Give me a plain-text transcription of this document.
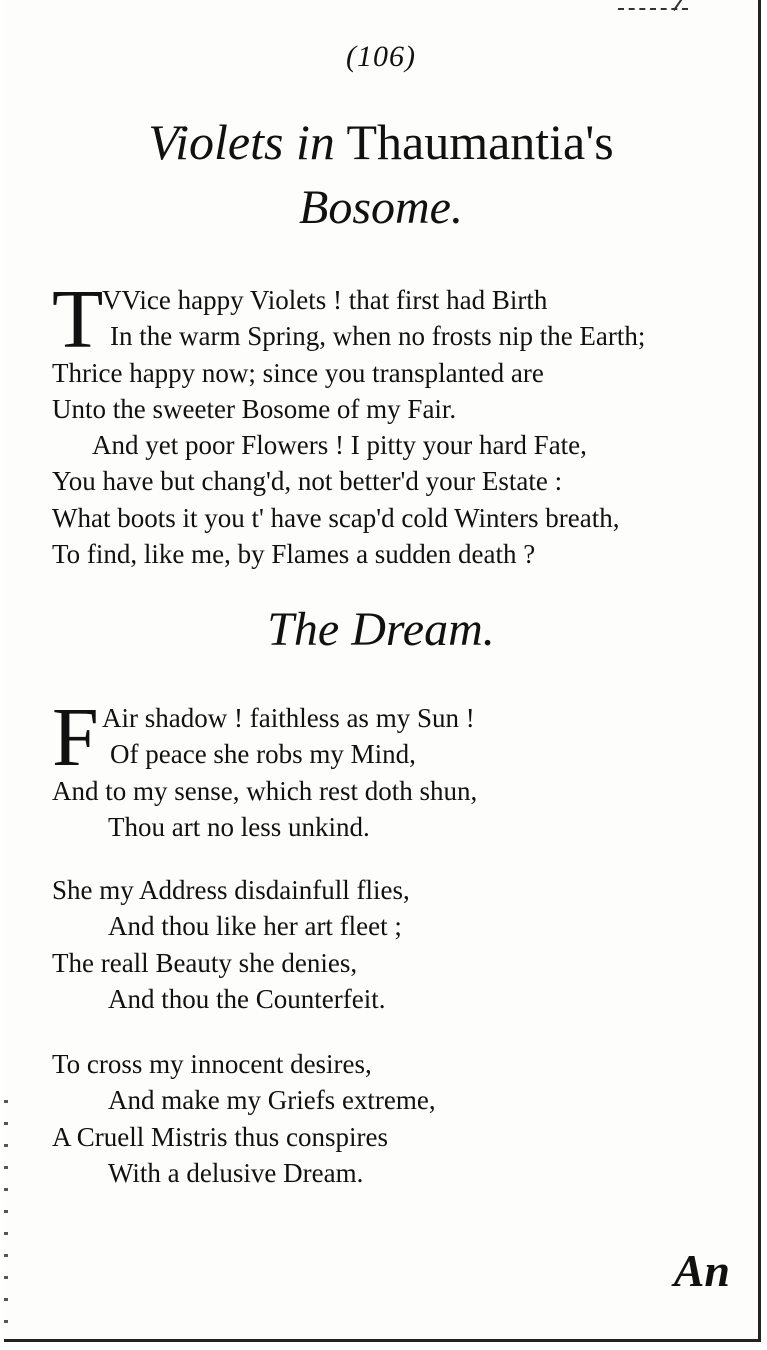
(106)
Violets in Thaumantia's
Bosome.
T
VVice happy Violets ! that first had Birth
In the warm Spring, when no frosts nip the Earth;
Thrice happy now; since you transplanted are
Unto the sweeter Bosome of my Fair.
And yet poor Flowers ! I pitty your hard Fate,
You have but chang'd, not better'd your Estate :
What boots it you t' have scap'd cold Winters breath,
To find, like me, by Flames a sudden death ?
The Dream.
F Air shadow ! faithless as my Sun !
Of peace she robs my Mind,
And to my sense, which rest doth shun,
Thou art no less unkind.
She my Address disdainfull flies,
And thou like her art fleet ;
The reall Beauty she denies,
And thou the Counterfeit.
To cross my innocent desires,
And make my Griefs extreme,
A Cruell Mistris thus conspires
With a delusive Dream.
An
